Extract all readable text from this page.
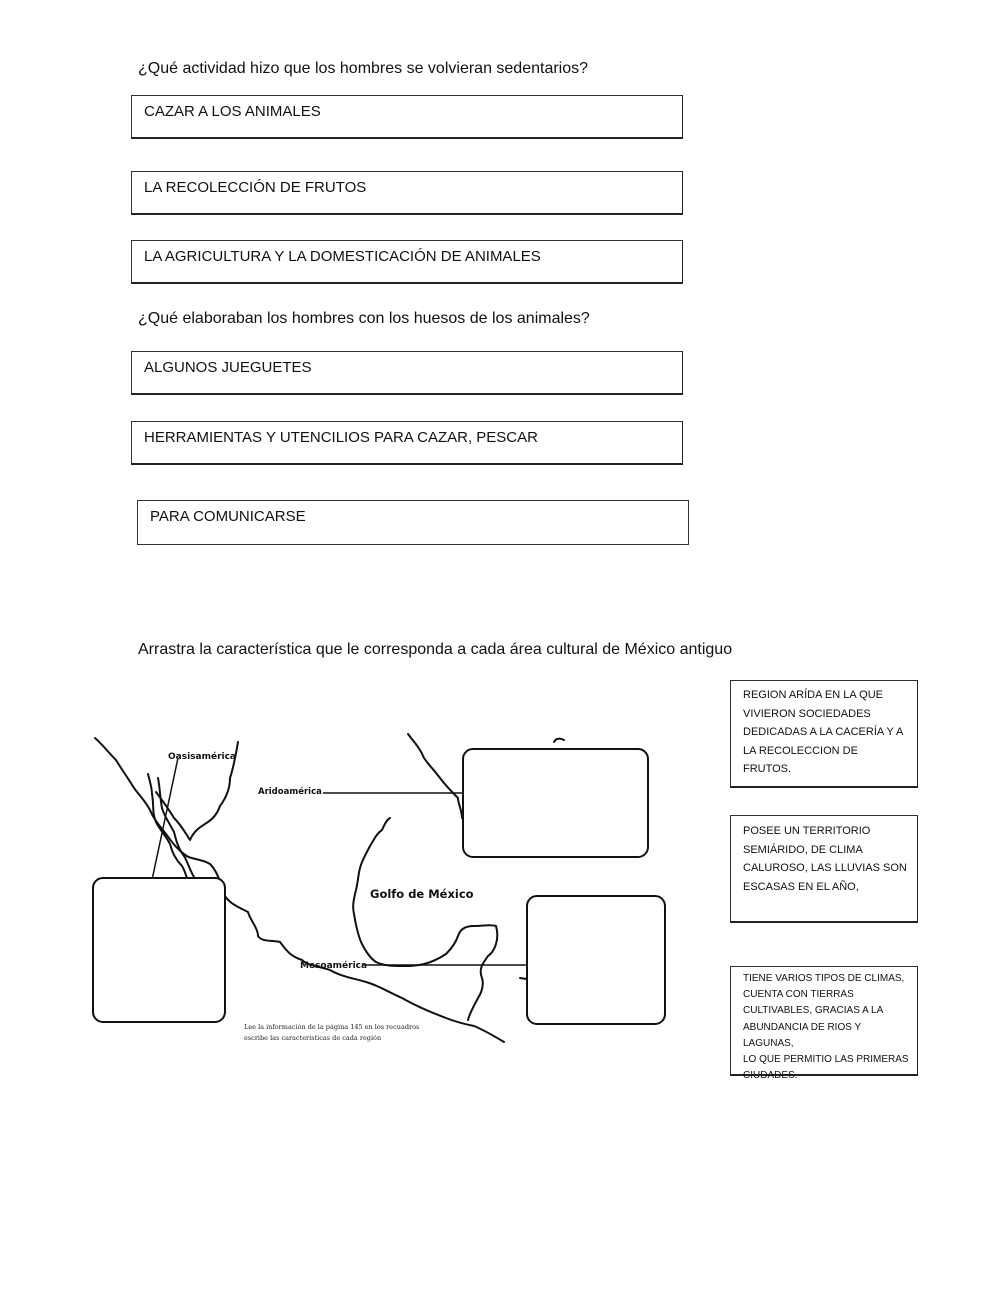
¿Qué actividad hizo que los hombres se volvieran sedentarios?
CAZAR A LOS ANIMALES
LA RECOLECCIÓN DE FRUTOS
LA AGRICULTURA Y LA DOMESTICACIÓN DE ANIMALES
¿Qué elaboraban los hombres con los huesos de los animales?
ALGUNOS JUEGUETES
HERRAMIENTAS Y UTENCILIOS PARA CAZAR, PESCAR
PARA COMUNICARSE
Arrastra la característica que le corresponda a cada área cultural de México antiguo
Oasisamérica
Aridoamérica
Golfo de México
Mesoamérica
Lee la información de la página 145 en los recuadros
escribe las características de cada región
REGION ARÍDA EN LA QUE
VIVIERON SOCIEDADES
DEDICADAS A LA CACERÍA Y A
LA RECOLECCION DE FRUTOS.
POSEE UN TERRITORIO
SEMIÁRIDO, DE CLIMA
CALUROSO, LAS LLUVIAS SON
ESCASAS EN EL AÑO,
TIENE VARIOS TIPOS DE CLIMAS,
CUENTA CON TIERRAS
CULTIVABLES, GRACIAS A LA
ABUNDANCIA DE RIOS Y LAGUNAS,
LO QUE PERMITIO LAS PRIMERAS
CIUDADES.
